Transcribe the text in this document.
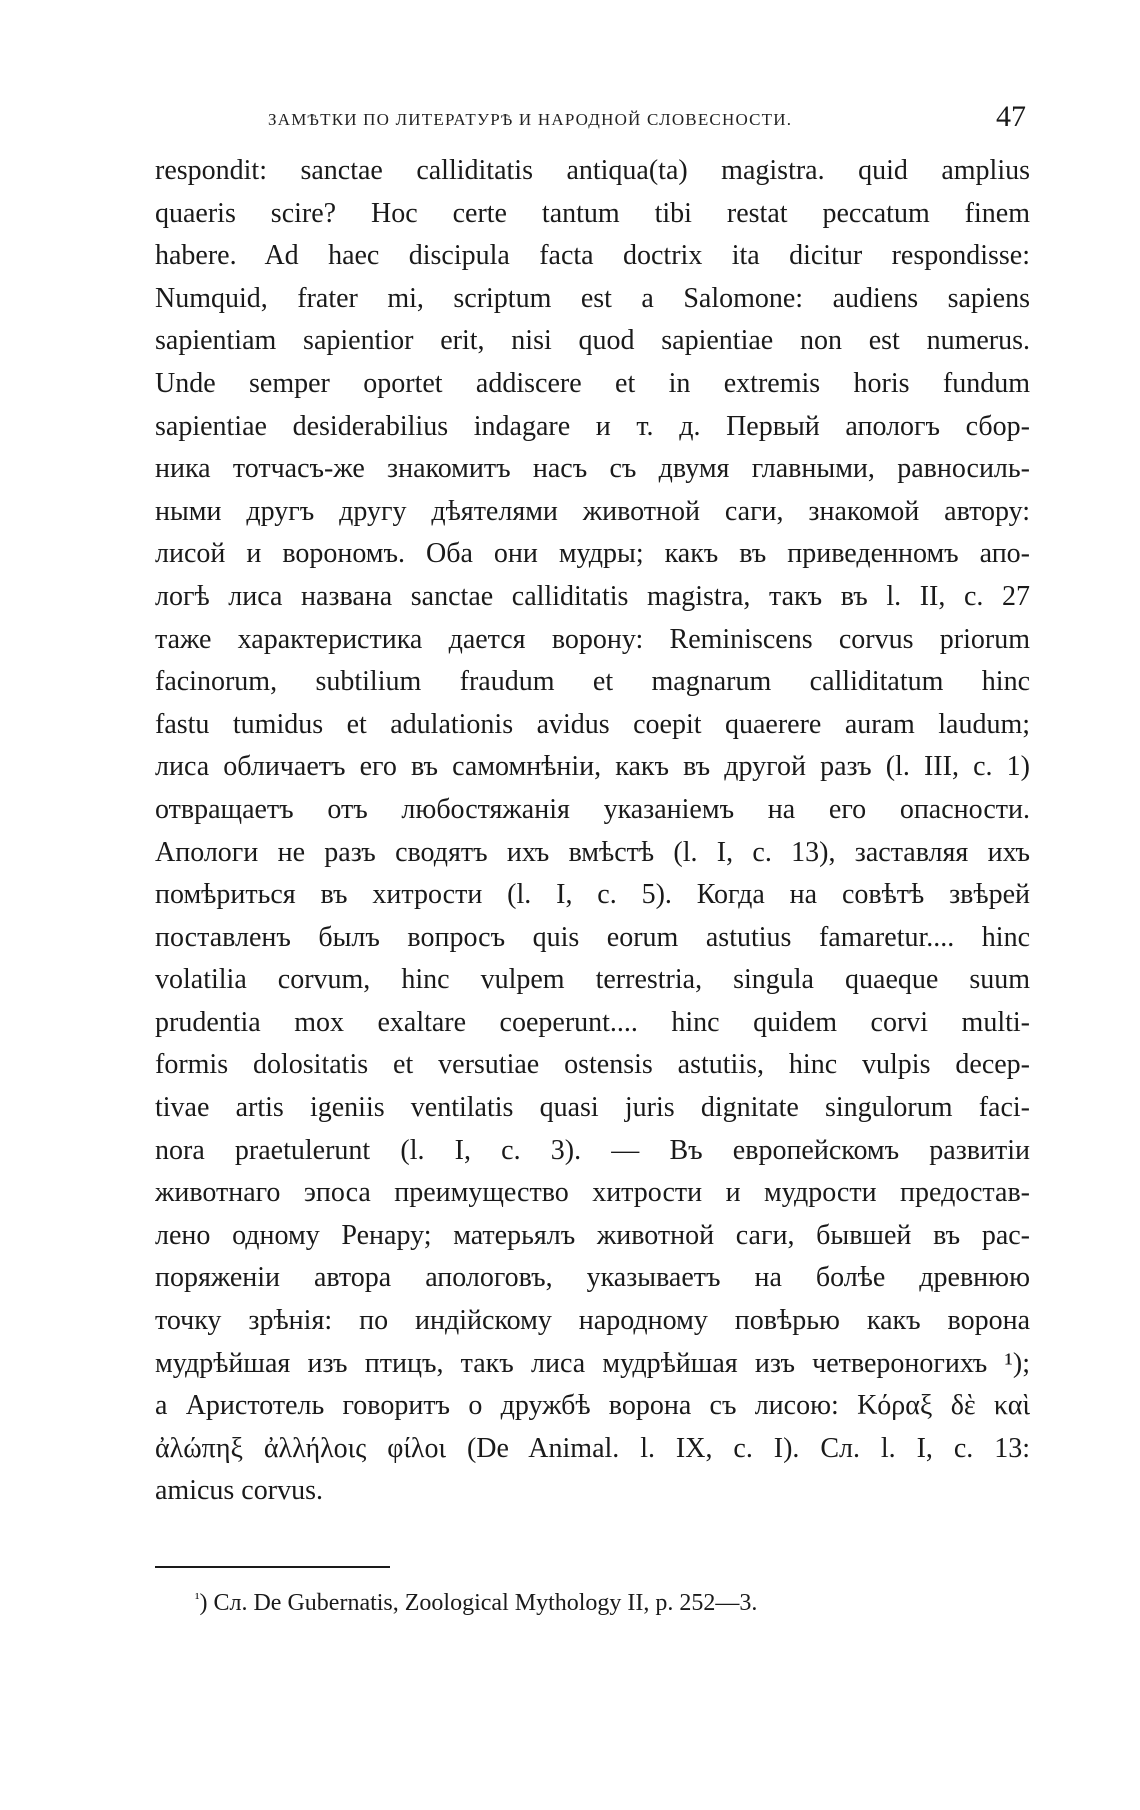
ЗАМѢТКИ ПО ЛИТЕРАТУРѢ И НАРОДНОЙ СЛОВЕСНОСТИ.	47
respondit: sanctae calliditatis antiqua(ta) magistra. quid amplius
quaeris scire? Hoc certe tantum tibi restat peccatum finem
habere. Ad haec discipula facta doctrix ita dicitur respondisse:
Numquid, frater mi, scriptum est a Salomone: audiens sapiens
sapientiam sapientior erit, nisi quod sapientiae non est numerus.
Unde semper oportet addiscere et in extremis horis fundum
sapientiae desiderabilius indagare и т. д. Первый апологъ сбор-
ника тотчасъ-же знакомитъ насъ съ двумя главными, равносиль-
ными другъ другу дѣятелями животной саги, знакомой автору:
лисой и ворономъ. Оба они мудры; какъ въ приведенномъ апо-
логѣ лиса названа sanctae calliditatis magistra, такъ въ l. II, c. 27
таже характеристика дается ворону: Reminiscens corvus priorum
facinorum, subtilium fraudum et magnarum calliditatum hinc
fastu tumidus et adulationis avidus coepit quaerere auram laudum;
лиса обличаетъ его въ самомнѣніи, какъ въ другой разъ (l. III, c. 1)
отвращаетъ отъ любостяжанія указаніемъ на его опасности.
Апологи не разъ сводятъ ихъ вмѣстѣ (l. I, c. 13), заставляя ихъ
помѣриться въ хитрости (l. I, c. 5). Когда на совѣтѣ звѣрей
поставленъ былъ вопросъ quis eorum astutius famaretur.... hinc
volatilia corvum, hinc vulpem terrestria, singula quaeque suum
prudentia mox exaltare coeperunt.... hinc quidem corvi multi-
formis dolositatis et versutiae ostensis astutiis, hinc vulpis decep-
tivae artis igeniis ventilatis quasi juris dignitate singulorum faci-
nora praetulerunt (l. I, c. 3). — Въ европейскомъ развитіи
животнаго эпоса преимущество хитрости и мудрости предостав-
лено одному Ренару; матерьялъ животной саги, бывшей въ рас-
поряженіи автора апологовъ, указываетъ на болѣе древнюю
точку зрѣнія: по индійскому народному повѣрью какъ ворона
мудрѣйшая изъ птицъ, такъ лиса мудрѣйшая изъ четвероногихъ ¹);
а Аристотель говоритъ о дружбѣ ворона съ лисою: Κόραξ δὲ καὶ
ἀλώπηξ ἀλλήλοις φίλοι (De Animal. l. IX, c. I). Сл. l. I, c. 13:
amicus corvus.
$^{^1}$) Сл. De Gubernatis, Zoological Mythology II, p. 252—3.
